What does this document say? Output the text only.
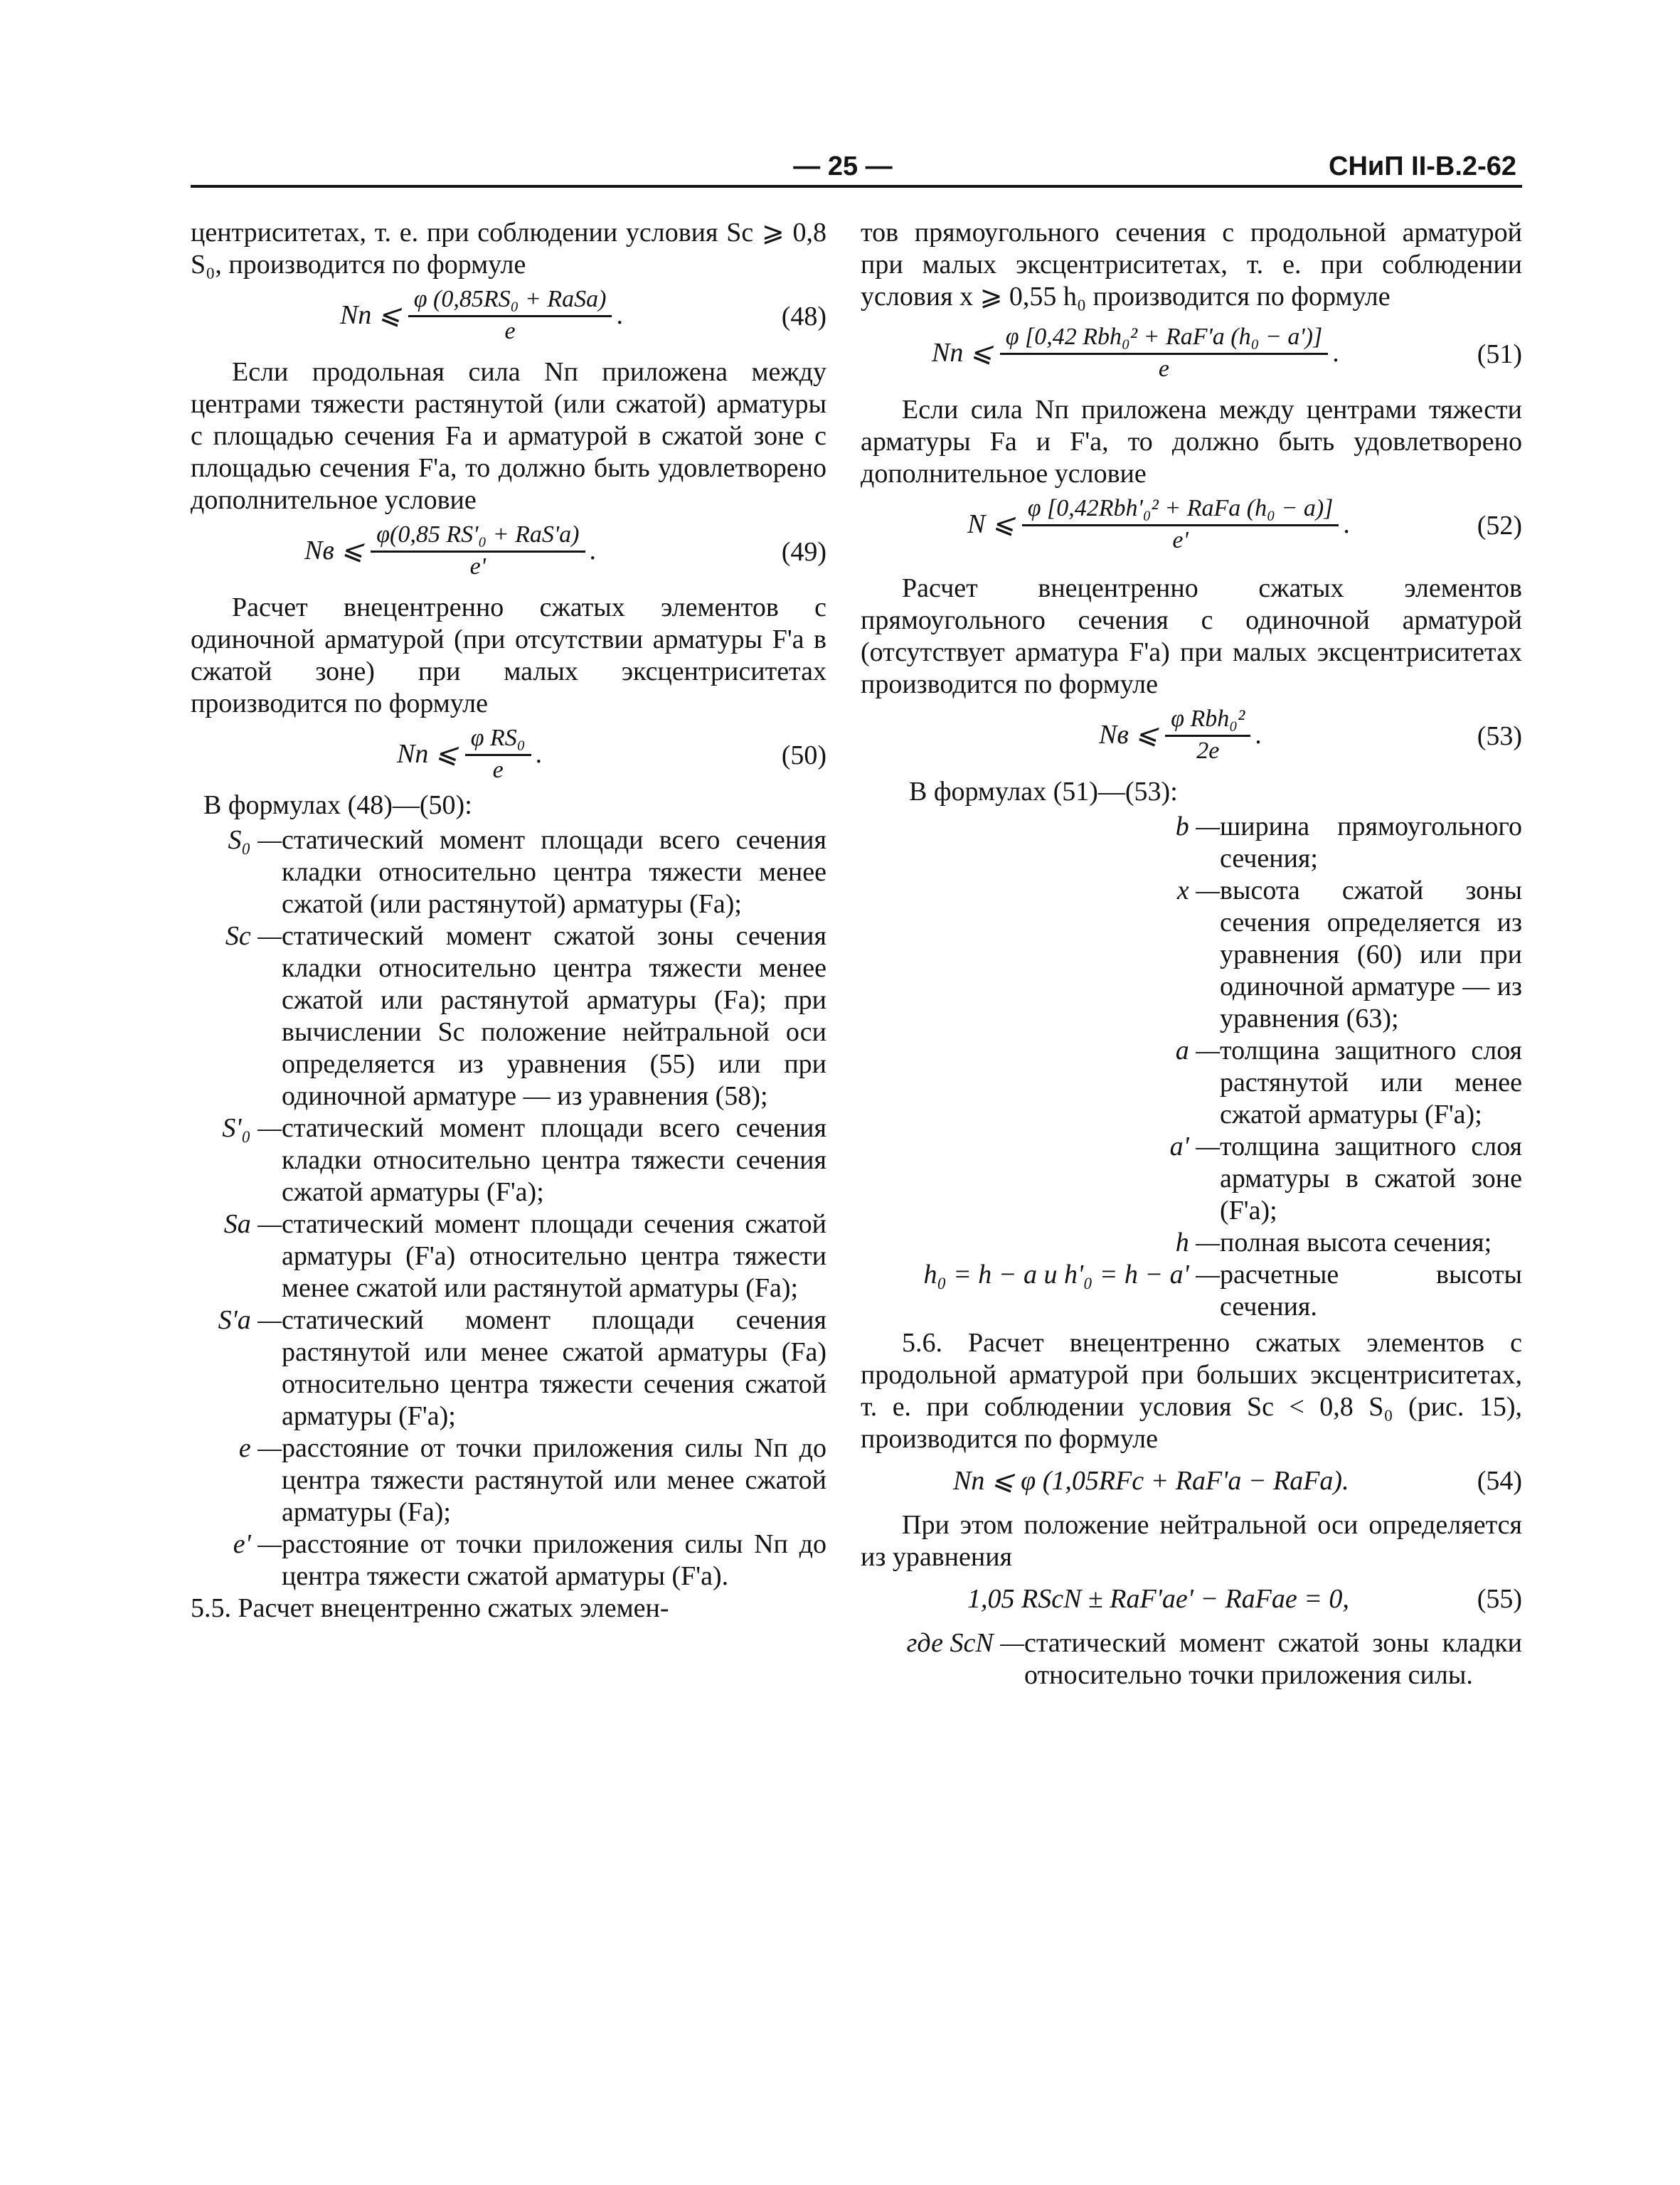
— 25 —	СНиП II-B.2-62

центриситетах, т. е. при соблюдении условия Sс ⩾ 0,8 S₀, производится по формуле

Nп ⩽ $\frac{\text{φ (0,85RS₀ + RаSа)}}{e}$ .	(48)

Если продольная сила Nп приложена между центрами тяжести растянутой (или сжатой) арматуры с площадью сечения Fа и арматурой в сжатой зоне с площадью сечения F'а, то должно быть удовлетворено дополнительное условие

Nв ⩽ $\frac{\text{φ(0,85 RS'₀ + RаS'а)}}{e'}$ .	(49)

Расчет внецентренно сжатых элементов с одиночной арматурой (при отсутствии арматуры F'а в сжатой зоне) при малых эксцентриситетах производится по формуле

Nп ⩽ $\frac{\text{φ RS₀}}{e}$ .	(50)

В формулах (48)—(50):

S₀ — статический момент площади всего сечения кладки относительно центра тяжести менее сжатой (или растянутой) арматуры (Fа);
Sс — статический момент сжатой зоны сечения кладки относительно центра тяжести менее сжатой или растянутой арматуры (Fа); при вычислении Sс положение нейтральной оси определяется из уравнения (55) или при одиночной арматуре — из уравнения (58);
S'₀ — статический момент площади всего сечения кладки относительно центра тяжести сечения сжатой арматуры (F'а);
Sа — статический момент площади сечения сжатой арматуры (F'а) относительно центра тяжести менее сжатой или растянутой арматуры (Fа);
S'а — статический момент площади сечения растянутой или менее сжатой арматуры (Fа) относительно центра тяжести сечения сжатой арматуры (F'а);
e — расстояние от точки приложения силы Nп до центра тяжести растянутой или менее сжатой арматуры (Fа);
e' — расстояние от точки приложения силы Nп до центра тяжести сжатой арматуры (F'а).

5.5. Расчет внецентренно сжатых элемен-

тов прямоугольного сечения с продольной арматурой при малых эксцентриситетах, т. е. при соблюдении условия x ⩾ 0,55 h₀ производится по формуле

Nп ⩽ $\frac{\text{φ [0,42 Rbh₀² + RаF'а (h₀ − a')]}}{e}$ .	(51)

Если сила Nп приложена между центрами тяжести арматуры Fа и F'а, то должно быть удовлетворено дополнительное условие

N ⩽ $\frac{\text{φ [0,42Rbh'₀² + RаFа (h₀ − a)]}}{e'}$ .	(52)

Расчет внецентренно сжатых элементов прямоугольного сечения с одиночной арматурой (отсутствует арматура F'а) при малых эксцентриситетах производится по формуле

Nв ⩽ $\frac{\text{φ Rbh₀²}}{2e}$ .	(53)

В формулах (51)—(53):

b — ширина прямоугольного сечения;
x — высота сжатой зоны сечения определяется из уравнения (60) или при одиночной арматуре — из уравнения (63);
a — толщина защитного слоя растянутой или менее сжатой арматуры (F'а);
a' — толщина защитного слоя арматуры в сжатой зоне (F'а);
h — полная высота сечения;
h₀ = h − a и h'₀ = h − a' — расчетные высоты сечения.

5.6. Расчет внецентренно сжатых элементов с продольной арматурой при больших эксцентриситетах, т. е. при соблюдении условия Sс < 0,8 S₀ (рис. 15), производится по формуле

Nп ⩽ φ (1,05RFс + RаF'а − RаFа).	(54)

При этом положение нейтральной оси определяется из уравнения

1,05 RScN ± RаF'аe' − RаFаe = 0,	(55)
где ScN — статический момент сжатой зоны кладки относительно точки приложения силы.
